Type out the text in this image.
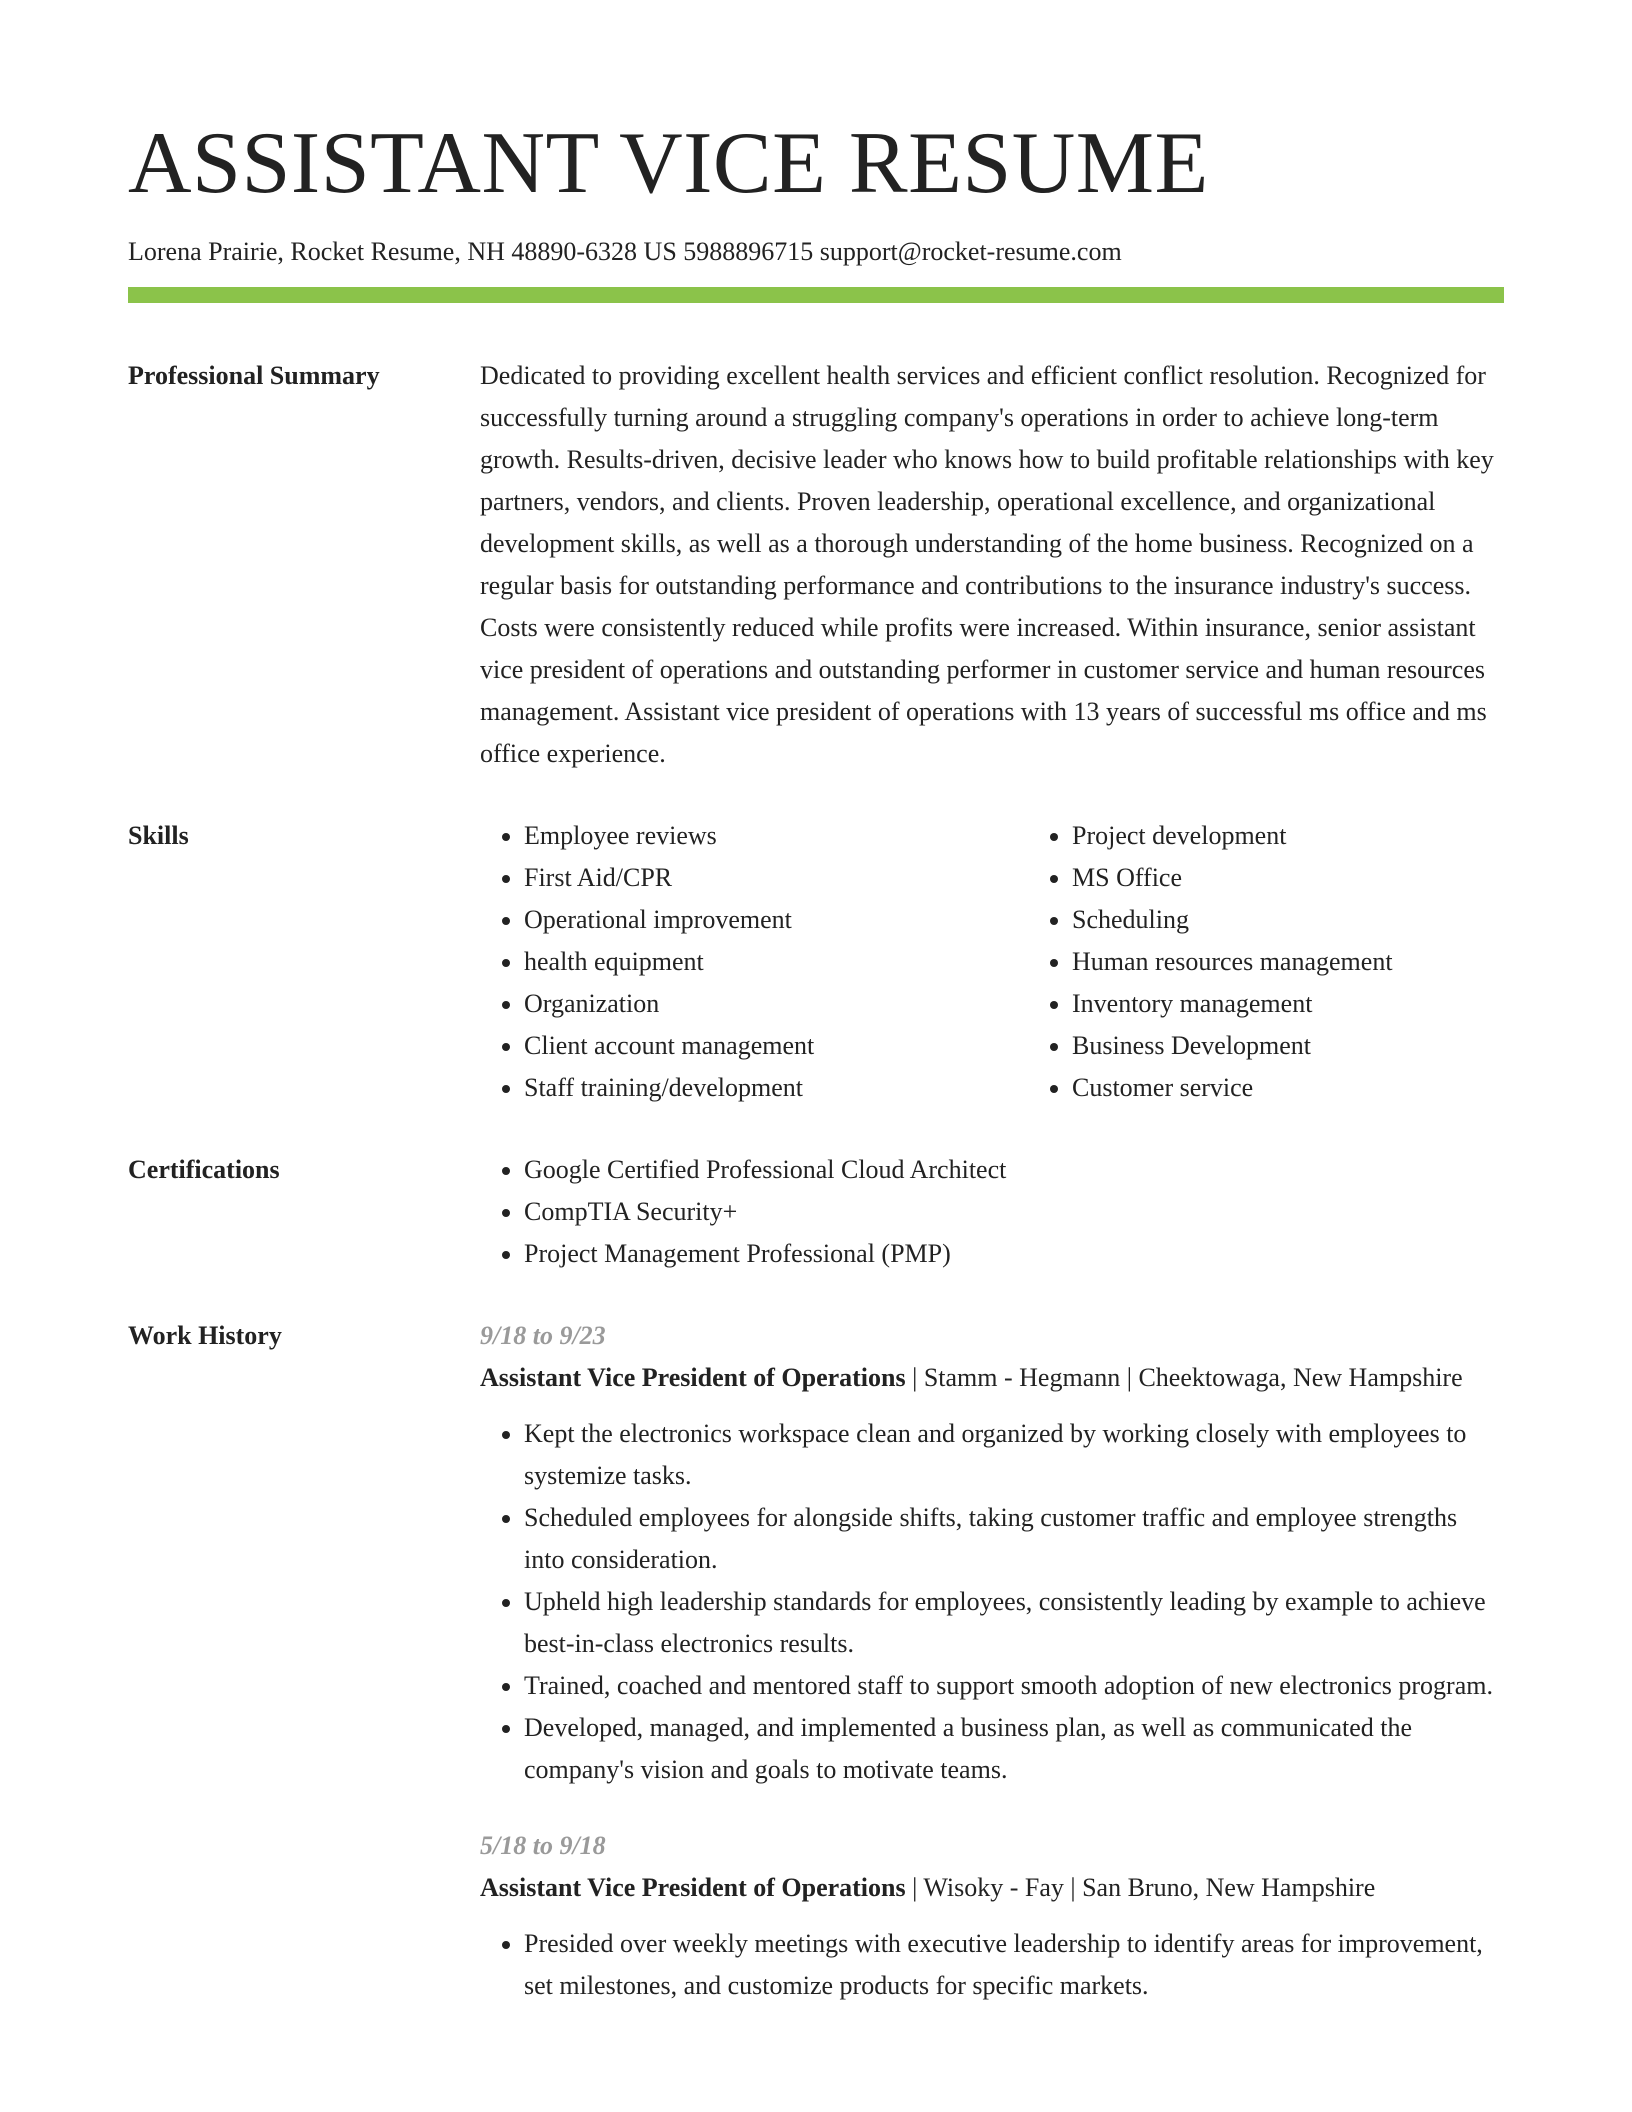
ASSISTANT VICE RESUME
Lorena Prairie, Rocket Resume, NH 48890-6328 US 5988896715 support@rocket-resume.com
Professional Summary	Dedicated to providing excellent health services and efficient conflict resolution. Recognized for successfully turning around a struggling company's operations in order to achieve long-term growth. Results-driven, decisive leader who knows how to build profitable relationships with key partners, vendors, and clients. Proven leadership, operational excellence, and organizational development skills, as well as a thorough understanding of the home business. Recognized on a regular basis for outstanding performance and contributions to the insurance industry's success. Costs were consistently reduced while profits were increased. Within insurance, senior assistant vice president of operations and outstanding performer in customer service and human resources management. Assistant vice president of operations with 13 years of successful ms office and ms office experience.

Skills	• Employee reviews
• First Aid/CPR
• Operational improvement
• health equipment
• Organization
• Client account management
• Staff training/development
• Project development
• MS Office
• Scheduling
• Human resources management
• Inventory management
• Business Development
• Customer service
Certifications	• Google Certified Professional Cloud Architect
• CompTIA Security+
• Project Management Professional (PMP)
Work History	9/18 to 9/23
Assistant Vice President of Operations | Stamm - Hegmann | Cheektowaga, New Hampshire
• Kept the electronics workspace clean and organized by working closely with employees to systemize tasks.
• Scheduled employees for alongside shifts, taking customer traffic and employee strengths into consideration.
• Upheld high leadership standards for employees, consistently leading by example to achieve best-in-class electronics results.
• Trained, coached and mentored staff to support smooth adoption of new electronics program.
• Developed, managed, and implemented a business plan, as well as communicated the company's vision and goals to motivate teams.
5/18 to 9/18
Assistant Vice President of Operations | Wisoky - Fay | San Bruno, New Hampshire
• Presided over weekly meetings with executive leadership to identify areas for improvement, set milestones, and customize products for specific markets.
